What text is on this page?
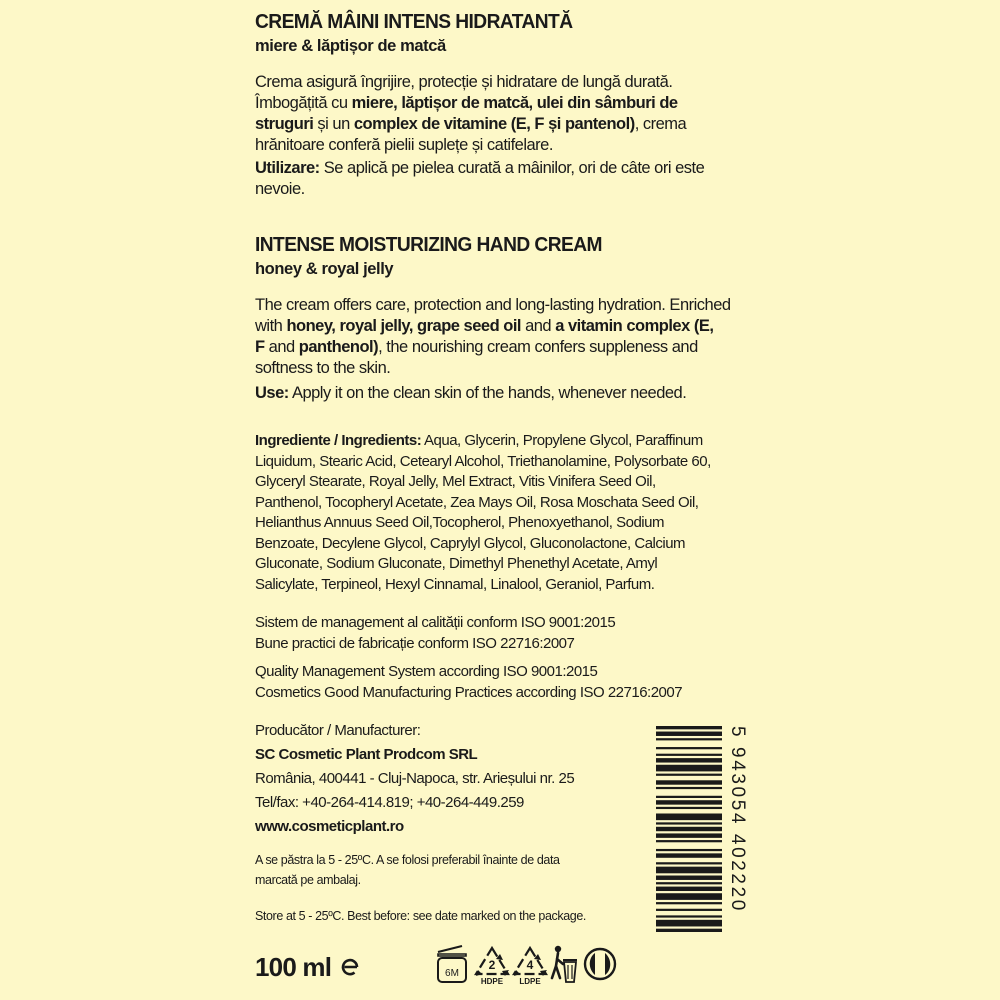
CREMĂ MÂINI INTENS HIDRATANTĂ
miere & lăptișor de matcă
Crema asigură îngrijire, protecție și hidratare de lungă durată.
Îmbogățită cu miere, lăptișor de matcă, ulei din sâmburi de
struguri și un complex de vitamine (E, F și pantenol), crema
hrănitoare conferă pielii suplețe și catifelare.
Utilizare: Se aplică pe pielea curată a mâinilor, ori de câte ori este
nevoie.
INTENSE MOISTURIZING HAND CREAM
honey & royal jelly
The cream offers care, protection and long-lasting hydration. Enriched
with honey, royal jelly, grape seed oil and a vitamin complex (E,
F and panthenol), the nourishing cream confers suppleness and
softness to the skin.
Use: Apply it on the clean skin of the hands, whenever needed.
Ingrediente / Ingredients: Aqua, Glycerin, Propylene Glycol, Paraffinum
Liquidum, Stearic Acid, Cetearyl Alcohol, Triethanolamine, Polysorbate 60,
Glyceryl Stearate, Royal Jelly, Mel Extract, Vitis Vinifera Seed Oil,
Panthenol, Tocopheryl Acetate, Zea Mays Oil, Rosa Moschata Seed Oil,
Helianthus Annuus Seed Oil,Tocopherol, Phenoxyethanol, Sodium
Benzoate, Decylene Glycol, Caprylyl Glycol, Gluconolactone, Calcium
Gluconate, Sodium Gluconate, Dimethyl Phenethyl Acetate, Amyl
Salicylate, Terpineol, Hexyl Cinnamal, Linalool, Geraniol, Parfum.
Sistem de management al calității conform ISO 9001:2015
Bune practici de fabricație conform ISO 22716:2007
Quality Management System according ISO 9001:2015
Cosmetics Good Manufacturing Practices according ISO 22716:2007
Producător / Manufacturer:
SC Cosmetic Plant Prodcom SRL
România, 400441 - Cluj-Napoca, str. Arieșului nr. 25
Tel/fax: +40-264-414.819; +40-264-449.259
www.cosmeticplant.ro
A se păstra la 5 - 25ºC. A se folosi preferabil înainte de data
marcată pe ambalaj.
Store at 5 - 25ºC. Best before: see date marked on the package.
100 ml
5 943054 402220
6M
2
HDPE
4
LDPE
